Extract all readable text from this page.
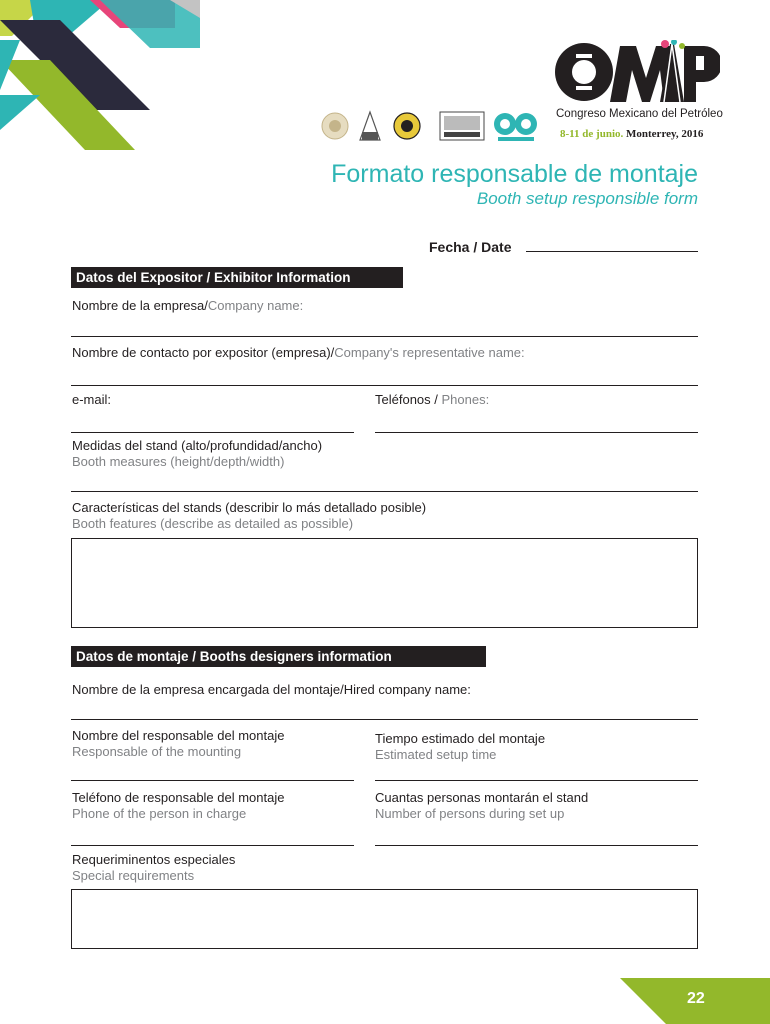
Congreso Mexicano del Petróleo
8-11 de junio. Monterrey, 2016
Formato responsable de montaje
Booth setup responsible form
Fecha / Date
Datos del Expositor / Exhibitor Information
Nombre de la empresa/Company name:
Nombre de contacto por expositor (empresa)/Company's representative name:
e-mail:	Teléfonos / Phones:
Medidas del stand (alto/profundidad/ancho)
Booth measures (height/depth/width)
Características del stands (describir lo más detallado posible)
Booth features (describe as detailed as possible)
Datos de montaje / Booths designers information
Nombre de la empresa encargada del montaje/Hired company name:
Nombre del responsable del montaje
Responsable of the mounting
Tiempo estimado del montaje
Estimated setup time
Teléfono de responsable del montaje
Phone of the person in charge
Cuantas personas montarán el stand
Number of persons during set up
Requeriminentos especiales
Special requirements
22
